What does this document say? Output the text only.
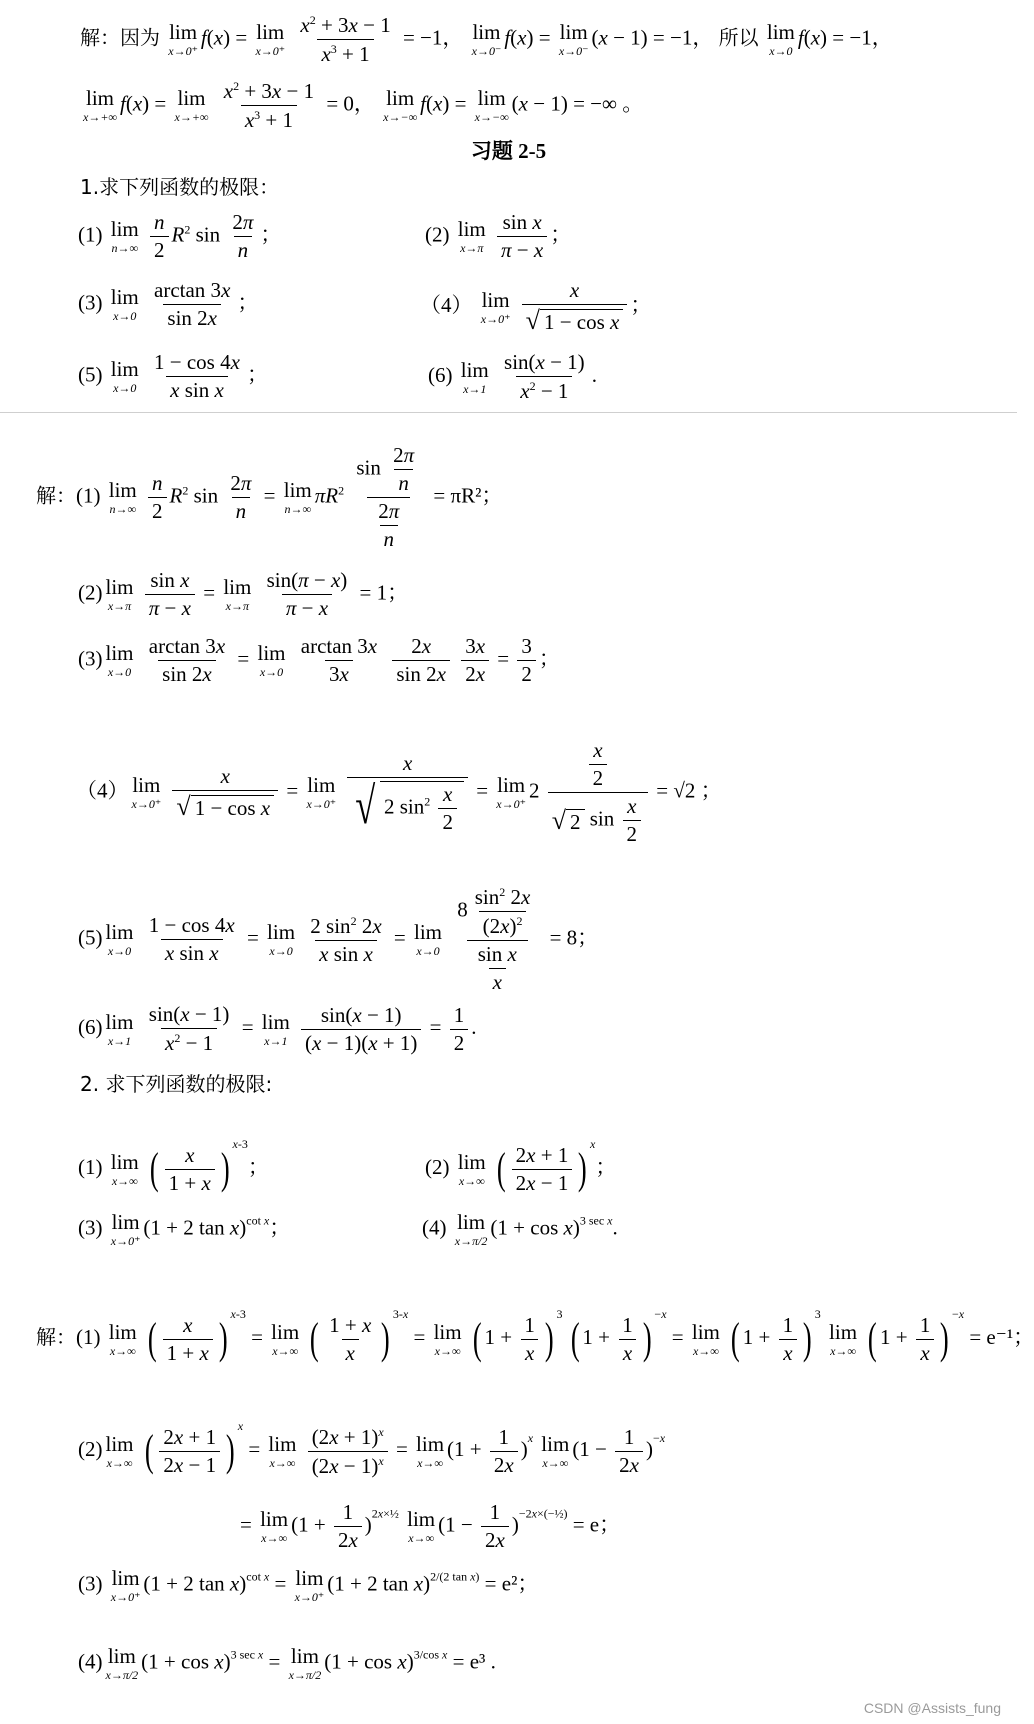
解：因为 lim
x→0⁺
f(x) = lim
x→0⁺
$\frac{x^2 + 3x - 1}{x^3 + 1} = -1$， lim
x→0⁻
f(x) = lim
x→0⁻
(x − 1) = −1， 所以 lim
x→0
f(x) = −1，
lim
x→+∞
f(x) = lim
x→+∞
$\frac{x^2 + 3x - 1}{x^3 + 1} = 0$， lim
x→−∞
f(x) = lim
x→−∞
(x − 1) = −∞ 。
习题 2-5
1.求下列函数的极限：
(1) lim
n→∞
$\frac{n}{2} R^2$ $\sin \frac{2\pi}{n}$ ；	(2) lim
x→π
$\frac{\text{sin x}}{\pi - x}$ ；
(3) lim
x→0
$\frac{\arctan 3x}{\sin 2x}$ ；	（4） lim
x→0⁺
$\frac{x}{\text{√ 1 − cos x}}$ ；
(5) lim
x→0
$\frac{1 - \cos 4x}{\text{x sin x}}$ ；	(6) lim
x→1
$\frac{\sin(x - 1)}{x^2 - 1}$ .
解：(1) lim
n→∞
$\frac{n}{2} R^2$ $\sin \frac{2\pi}{n} = \lim$
n→∞
$\pi R^2 \frac{\sin \frac{2\pi}{n}}{\frac{2\pi}{n}} = \pi R^2$；
(2) lim
x→π
$\frac{\text{sin x}}{\pi - x} = \lim$
x→π
$\frac{\sin(\pi - x)}{\pi - x} = 1$；
(3) lim
x→0
$\frac{\arctan 3x}{\sin 2x} = \lim$
x→0
$\frac{\arctan 3x}{3x}$
$\frac{2x}{\sin 2x}$
$\frac{3x}{2x} = \frac{3}{2}$ ；
（4） lim
x→0⁺
$\frac{x}{\text{√ 1 − cos x}} = \lim$
x→0⁺
$\frac{x}{√ 2 \sin^2 \frac{x}{2}} = \lim$
x→0⁺
$2 \frac{\frac{x}{2}}{√ 2 \sin \frac{x}{2}} = √2$ ；
(5) lim
x→0
$\frac{1 - \cos 4x}{\text{x sin x}} = \lim$
x→0
$\frac{2 \sin^2 2x}{\text{x sin x}} = \lim$
x→0
$\frac{8 \frac{\sin^2 2x}{(2x)^2}}{\frac{\text{sin x}}{x}} = 8$；
(6) lim
x→1
$\frac{\sin(x - 1)}{x^2 - 1} = \lim$
x→1
$\frac{\sin(x - 1)}{(x - 1)(x + 1)} = \frac{1}{2}$ .
2. 求下列函数的极限:
(1) lim
x→∞ ( $\frac{x}{1 + x} )^{x-3}$；	(2) lim
x→∞ ( $\frac{2x + 1}{2x - 1} )^x$；
(3) lim
x→0⁺
(1 + 2 tan x)$^{cot x}$；	(4) lim
x→π/2
$(1 + \cos x)^{3 sec x}$.
解：(1) lim
x→∞ ( $\frac{x}{1 + x} )^{x-3} = \lim$
x→∞ ( $\frac{1 + x}{x} )^{3-x} = \lim$
x→∞ ( $1 + \frac{1}{x} )^3$ ( $1 + \frac{1}{x} )^{-x} = \lim$
x→∞ ( $1 + \frac{1}{x} )^3$
lim
x→∞ ( $1 + \frac{1}{x} )^{-x} = e^{-1}$；
(2) lim
x→∞ ( $\frac{2x + 1}{2x - 1} )^x = \lim$
x→∞
$\frac{(2x + 1)^x}{(2x - 1)^x} = \lim$
x→∞
$(1 + \frac{1}{2x} )^x$ lim
x→∞
$(1 - \frac{1}{2x} )^{-x}$
= lim
x→∞
$(1 + \frac{1}{2x} )^{2x\times\frac{1}{2}}$ lim
x→∞
$(1 - \frac{1}{2x} )^{-2x\times(-\frac{1}{2})} = e$；
(3) lim
x→0⁺
(1 + 2 tan x)$^{cot x}$ = lim
x→0⁺
(1 + 2 tan x)$^{2/(2 tan x)}$ = e²；
(4) lim
x→π/2
$(1 + \cos x)^{3 sec x} = \lim$
x→π/2
$(1 + \cos x)^{3/cos x} = e^3$ .
CSDN @Assists_fung
